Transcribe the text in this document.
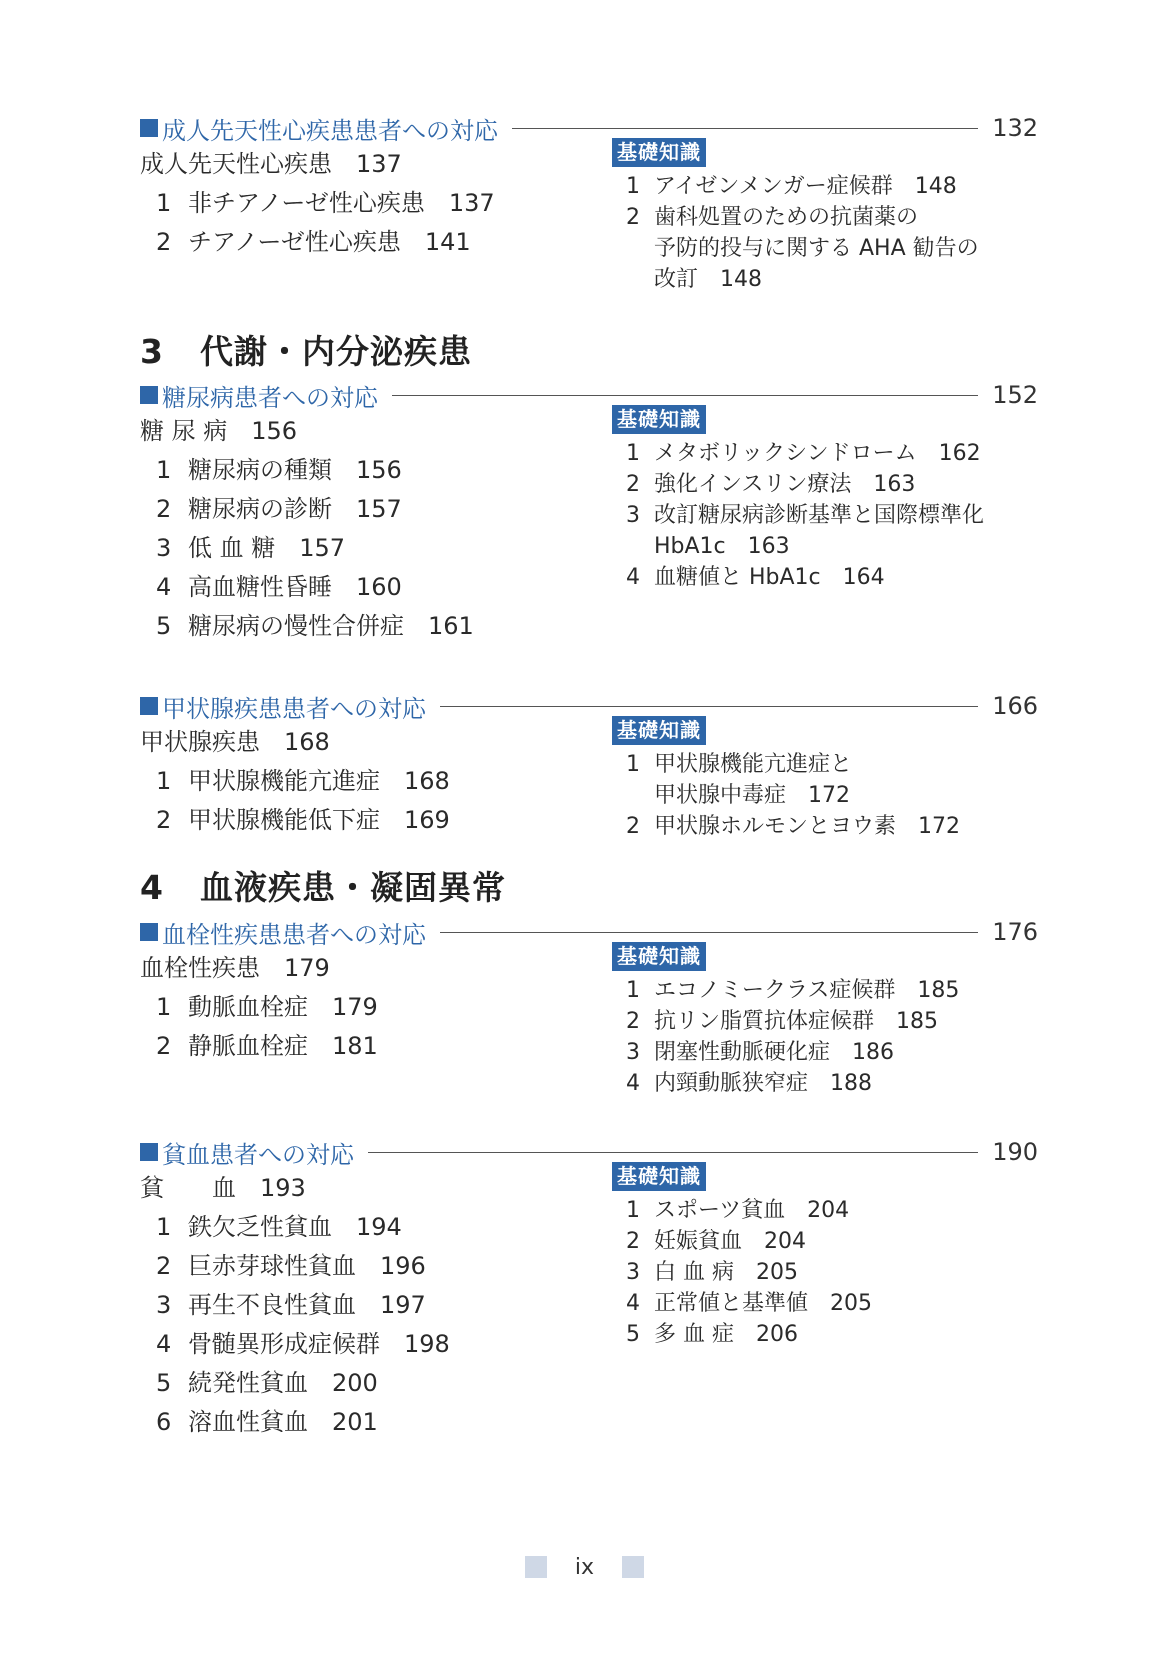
成人先天性心疾患患者への対応	132
成人先天性心疾患 137
1 非チアノーゼ性心疾患 137
2 チアノーゼ性心疾患 141
基礎知識
1 アイゼンメンガー症候群　148
2 歯科処置のための抗菌薬の
予防的投与に関する AHA 勧告の
改訂　148
3 代謝・内分泌疾患
糖尿病患者への対応	152
糖 尿 病 156
1 糖尿病の種類 156
2 糖尿病の診断 157
3 低 血 糖 157
4 高血糖性昏睡 160
5 糖尿病の慢性合併症 161
基礎知識
1 メタボリックシンドローム　162
2 強化インスリン療法　163
3 改訂糖尿病診断基準と国際標準化
HbA1c　163
4 血糖値と HbA1c　164
甲状腺疾患患者への対応	166
甲状腺疾患 168
1 甲状腺機能亢進症 168
2 甲状腺機能低下症 169
基礎知識
1 甲状腺機能亢進症と
甲状腺中毒症　172
2 甲状腺ホルモンとヨウ素　172
4 血液疾患・凝固異常
血栓性疾患患者への対応	176
血栓性疾患 179
1 動脈血栓症 179
2 静脈血栓症 181
基礎知識
1 エコノミークラス症候群　185
2 抗リン脂質抗体症候群　185
3 閉塞性動脈硬化症　186
4 内頸動脈狭窄症　188
貧血患者への対応	190
貧　　血 193
1 鉄欠乏性貧血 194
2 巨赤芽球性貧血 196
3 再生不良性貧血 197
4 骨髄異形成症候群 198
5 続発性貧血 200
6 溶血性貧血 201
基礎知識
1 スポーツ貧血　204
2 妊娠貧血　204
3 白 血 病　205
4 正常値と基準値　205
5 多 血 症　206
ix
